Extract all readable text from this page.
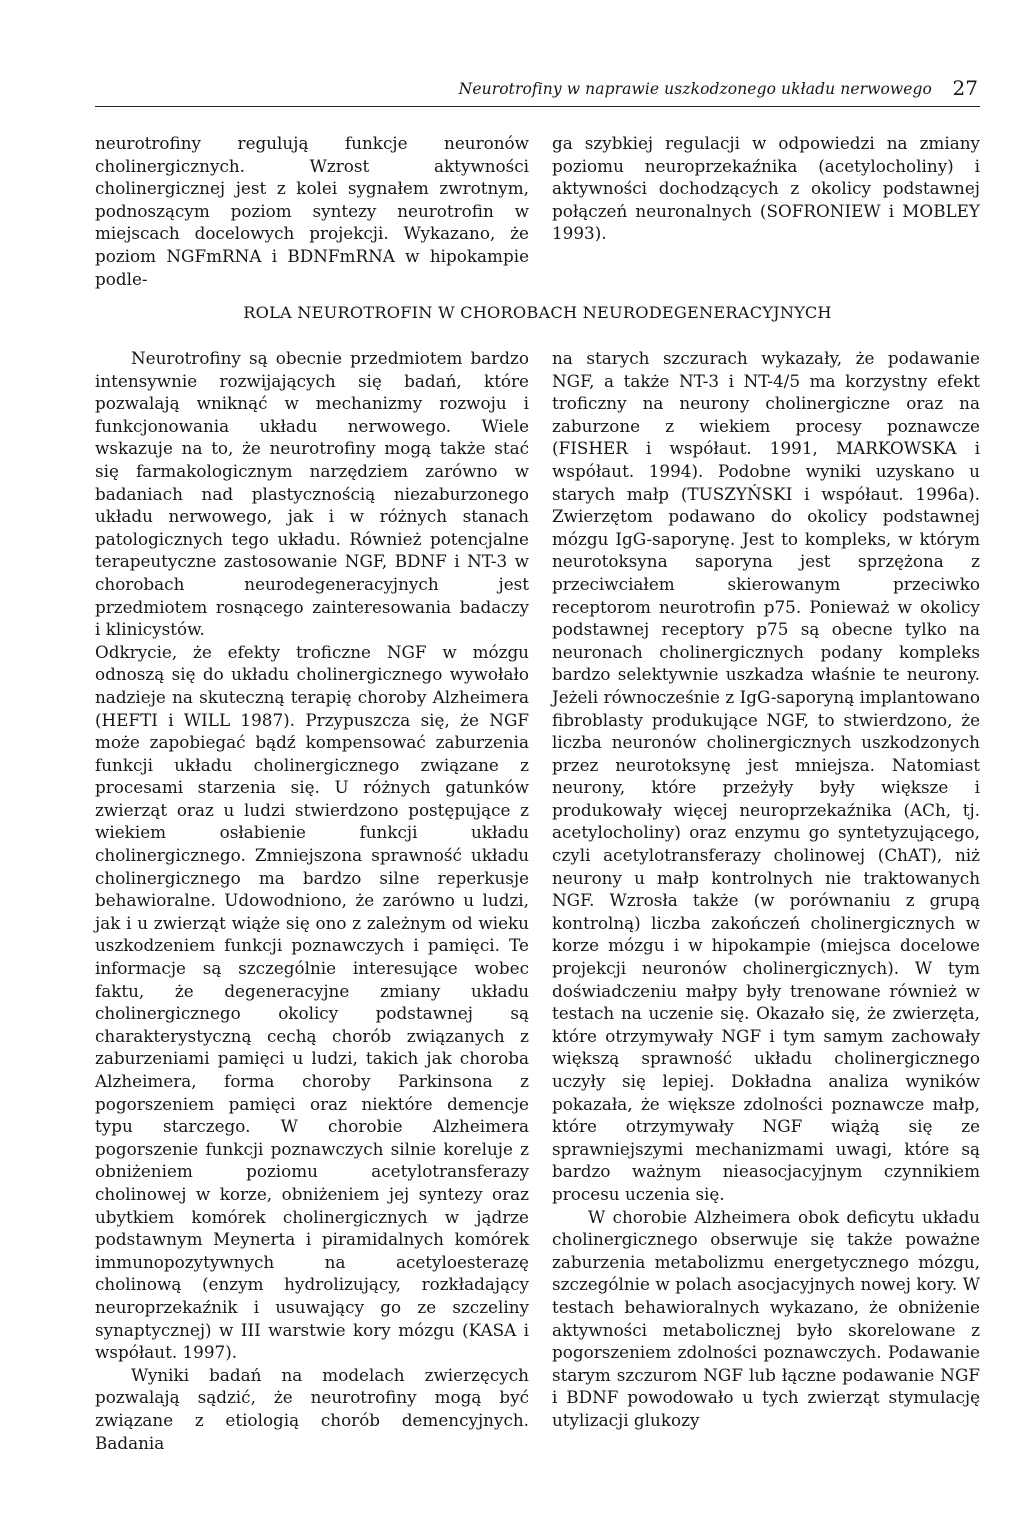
Neurotrofiny w naprawie uszkodzonego układu nerwowego 27

neurotrofiny regulują funkcje neuronów cholinergicznych. Wzrost aktywności cholinergicznej jest z kolei sygnałem zwrotnym, podnoszącym poziom syntezy neurotrofin w miejscach docelowych projekcji. Wykazano, że poziom NGFmRNA i BDNFmRNA w hipokampie podle-

ga szybkiej regulacji w odpowiedzi na zmiany poziomu neuroprzekaźnika (acetylocholiny) i aktywności dochodzących z okolicy podstawnej połączeń neuronalnych (SOFRONIEW i MOBLEY 1993).

ROLA NEUROTROFIN W CHOROBACH NEURODEGENERACYJNYCH

Neurotrofiny są obecnie przedmiotem bardzo intensywnie rozwijających się badań, które pozwalają wniknąć w mechanizmy rozwoju i funkcjonowania układu nerwowego. Wiele wskazuje na to, że neurotrofiny mogą także stać się farmakologicznym narzędziem zarówno w badaniach nad plastycznością niezaburzonego układu nerwowego, jak i w różnych stanach patologicznych tego układu. Również potencjalne terapeutyczne zastosowanie NGF, BDNF i NT-3 w chorobach neurodegeneracyjnych jest przedmiotem rosnącego zainteresowania badaczy i klinicystów.

Odkrycie, że efekty troficzne NGF w mózgu odnoszą się do układu cholinergicznego wywołało nadzieje na skuteczną terapię choroby Alzheimera (HEFTI i WILL 1987). Przypuszcza się, że NGF może zapobiegać bądź kompensować zaburzenia funkcji układu cholinergicznego związane z procesami starzenia się. U różnych gatunków zwierząt oraz u ludzi stwierdzono postępujące z wiekiem osłabienie funkcji układu cholinergicznego. Zmniejszona sprawność układu cholinergicznego ma bardzo silne reperkusje behawioralne. Udowodniono, że zarówno u ludzi, jak i u zwierząt wiąże się ono z zależnym od wieku uszkodzeniem funkcji poznawczych i pamięci. Te informacje są szczególnie interesujące wobec faktu, że degeneracyjne zmiany układu cholinergicznego okolicy podstawnej są charakterystyczną cechą chorób związanych z zaburzeniami pamięci u ludzi, takich jak choroba Alzheimera, forma choroby Parkinsona z pogorszeniem pamięci oraz niektóre demencje typu starczego. W chorobie Alzheimera pogorszenie funkcji poznawczych silnie koreluje z obniżeniem poziomu acetylotransferazy cholinowej w korze, obniżeniem jej syntezy oraz ubytkiem komórek cholinergicznych w jądrze podstawnym Meynerta i piramidalnych komórek immunopozytywnych na acetyloesterazę cholinową (enzym hydrolizujący, rozkładający neuroprzekaźnik i usuwający go ze szczeliny synaptycznej) w III warstwie kory mózgu (KASA i współaut. 1997).

Wyniki badań na modelach zwierzęcych pozwalają sądzić, że neurotrofiny mogą być związane z etiologią chorób demencyjnych. Badania

na starych szczurach wykazały, że podawanie NGF, a także NT-3 i NT-4/5 ma korzystny efekt troficzny na neurony cholinergiczne oraz na zaburzone z wiekiem procesy poznawcze (FISHER i współaut. 1991, MARKOWSKA i współaut. 1994). Podobne wyniki uzyskano u starych małp (TUSZYŃSKI i współaut. 1996a). Zwierzętom podawano do okolicy podstawnej mózgu IgG-saporynę. Jest to kompleks, w którym neurotoksyna saporyna jest sprzężona z przeciwciałem skierowanym przeciwko receptorom neurotrofin p75. Ponieważ w okolicy podstawnej receptory p75 są obecne tylko na neuronach cholinergicznych podany kompleks bardzo selektywnie uszkadza właśnie te neurony. Jeżeli równocześnie z IgG-saporyną implantowano fibroblasty produkujące NGF, to stwierdzono, że liczba neuronów cholinergicznych uszkodzonych przez neurotoksynę jest mniejsza. Natomiast neurony, które przeżyły były większe i produkowały więcej neuroprzekaźnika (ACh, tj. acetylocholiny) oraz enzymu go syntetyzującego, czyli acetylotransferazy cholinowej (ChAT), niż neurony u małp kontrolnych nie traktowanych NGF. Wzrosła także (w porównaniu z grupą kontrolną) liczba zakończeń cholinergicznych w korze mózgu i w hipokampie (miejsca docelowe projekcji neuronów cholinergicznych). W tym doświadczeniu małpy były trenowane również w testach na uczenie się. Okazało się, że zwierzęta, które otrzymywały NGF i tym samym zachowały większą sprawność układu cholinergicznego uczyły się lepiej. Dokładna analiza wyników pokazała, że większe zdolności poznawcze małp, które otrzymywały NGF wiążą się ze sprawniejszymi mechanizmami uwagi, które są bardzo ważnym nieasocjacyjnym czynnikiem procesu uczenia się.

W chorobie Alzheimera obok deficytu układu cholinergicznego obserwuje się także poważne zaburzenia metabolizmu energetycznego mózgu, szczególnie w polach asocjacyjnych nowej kory. W testach behawioralnych wykazano, że obniżenie aktywności metabolicznej było skorelowane z pogorszeniem zdolności poznawczych. Podawanie starym szczurom NGF lub łączne podawanie NGF i BDNF powodowało u tych zwierząt stymulację utylizacji glukozy
